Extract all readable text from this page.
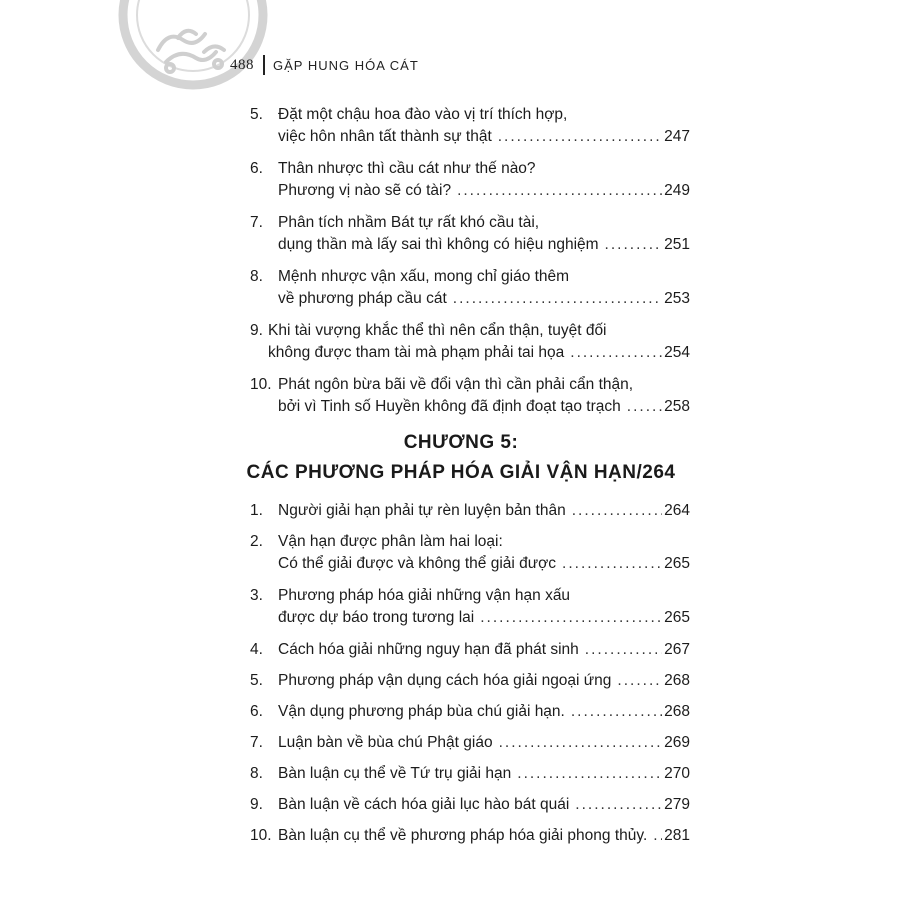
488 GẶP HUNG HÓA CÁT
5. Đặt một chậu hoa đào vào vị trí thích hợp,
việc hôn nhân tất thành sự thật .....	247
6. Thân nhược thì cầu cát như thế nào?
Phương vị nào sẽ có tài? .....	249
7. Phân tích nhầm Bát tự rất khó cầu tài,
dụng thần mà lấy sai thì không có hiệu nghiệm .....	251
8. Mệnh nhược vận xấu, mong chỉ giáo thêm
về phương pháp cầu cát .....	253
9. Khi tài vượng khắc thể thì nên cẩn thận, tuyệt đối
không được tham tài mà phạm phải tai họa .....	254
10. Phát ngôn bừa bãi về đổi vận thì cần phải cẩn thận,
bởi vì Tinh số Huyền không đã định đoạt tạo trạch .....	258
CHƯƠNG 5:
CÁC PHƯƠNG PHÁP HÓA GIẢI VẬN HẠN/264
1. Người giải hạn phải tự rèn luyện bản thân .....	264
2. Vận hạn được phân làm hai loại:
Có thể giải được và không thể giải được .....	265
3. Phương pháp hóa giải những vận hạn xấu
được dự báo trong tương lai .....	265
4. Cách hóa giải những nguy hạn đã phát sinh .....	267
5. Phương pháp vận dụng cách hóa giải ngoại ứng .....	268
6. Vận dụng phương pháp bùa chú giải hạn. .....	268
7. Luận bàn về bùa chú Phật giáo .....	269
8. Bàn luận cụ thể về Tứ trụ giải hạn .....	270
9. Bàn luận về cách hóa giải lục hào bát quái .....	279
10. Bàn luận cụ thể về phương pháp hóa giải phong thủy. ..... 281
